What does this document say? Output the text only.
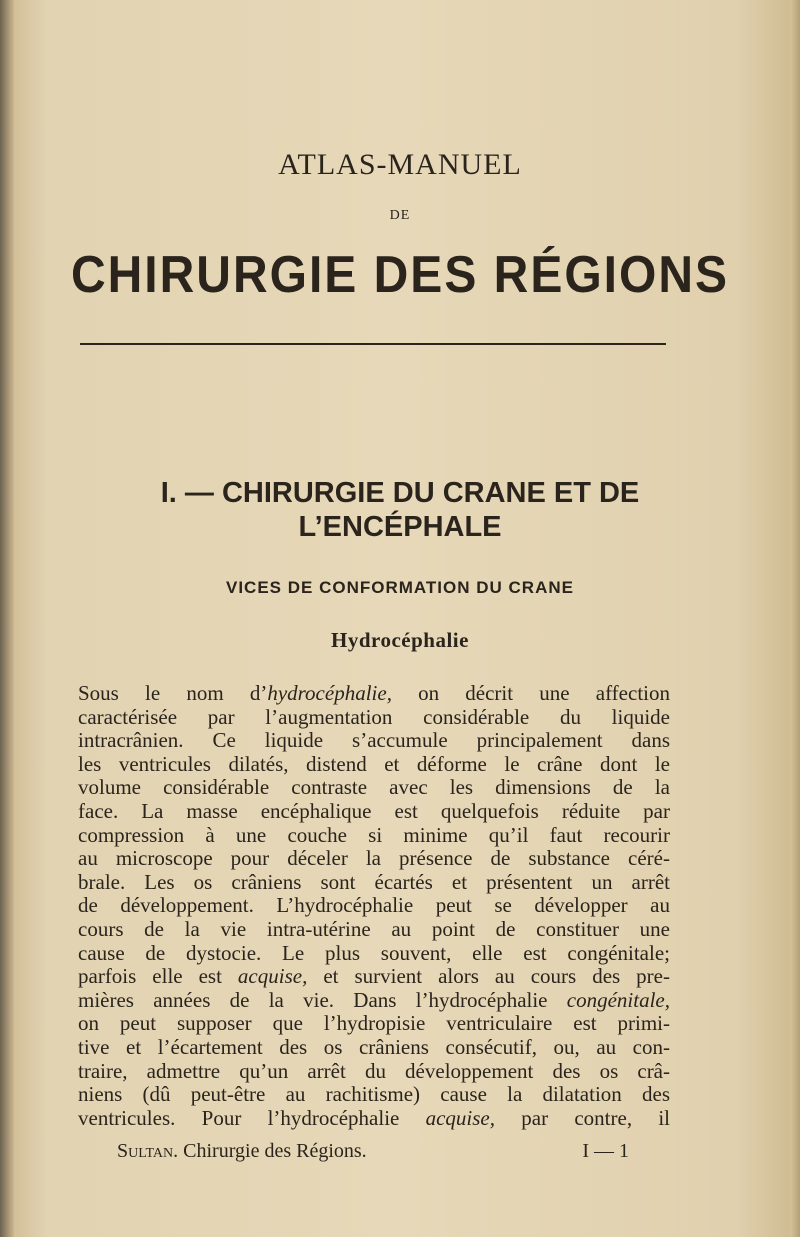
ATLAS-MANUEL
DE
CHIRURGIE DES RÉGIONS
I. — CHIRURGIE DU CRANE ET DE
L’ENCÉPHALE
VICES DE CONFORMATION DU CRANE
Hydrocéphalie
Sous le nom d’hydrocéphalie, on décrit une affection
caractérisée par l’augmentation considérable du liquide
intracrânien. Ce liquide s’accumule principalement dans
les ventricules dilatés, distend et déforme le crâne dont le
volume considérable contraste avec les dimensions de la
face. La masse encéphalique est quelquefois réduite par
compression à une couche si minime qu’il faut recourir
au microscope pour déceler la présence de substance céré-
brale. Les os crâniens sont écartés et présentent un arrêt
de développement. L’hydrocéphalie peut se développer au
cours de la vie intra-utérine au point de constituer une
cause de dystocie. Le plus souvent, elle est congénitale;
parfois elle est acquise, et survient alors au cours des pre-
mières années de la vie. Dans l’hydrocéphalie congénitale,
on peut supposer que l’hydropisie ventriculaire est primi-
tive et l’écartement des os crâniens consécutif, ou, au con-
traire, admettre qu’un arrêt du développement des os crâ-
niens (dû peut-être au rachitisme) cause la dilatation des
ventricules. Pour l’hydrocéphalie acquise, par contre, il
Sultan. Chirurgie des Régions.	I — 1
